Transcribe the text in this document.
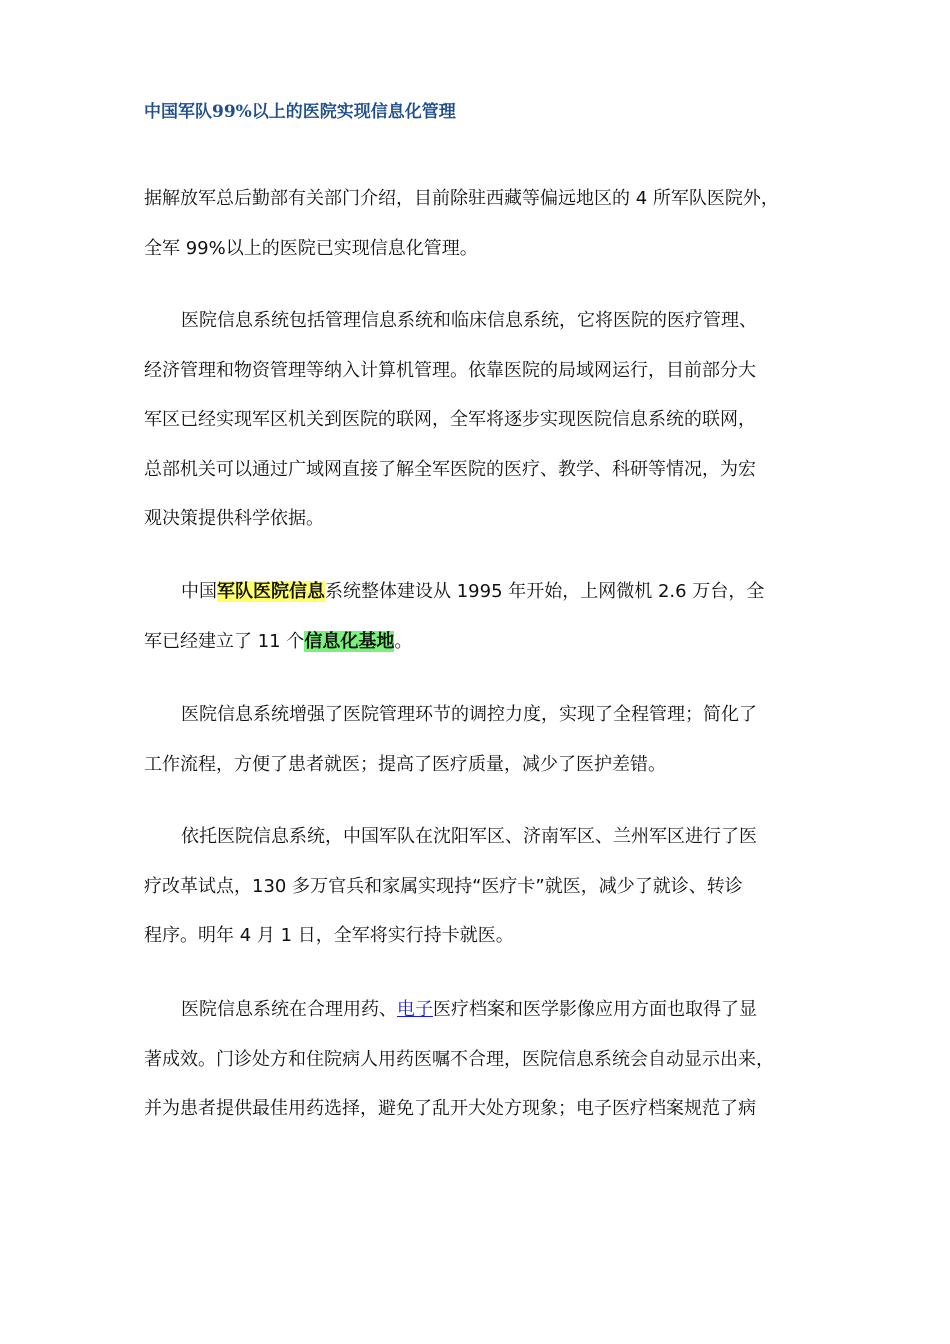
中国军队99%以上的医院实现信息化管理
据解放军总后勤部有关部门介绍，目前除驻西藏等偏远地区的 4 所军队医院外，
全军 99%以上的医院已实现信息化管理。
医院信息系统包括管理信息系统和临床信息系统，它将医院的医疗管理、
经济管理和物资管理等纳入计算机管理。依靠医院的局域网运行，目前部分大
军区已经实现军区机关到医院的联网，全军将逐步实现医院信息系统的联网，
总部机关可以通过广域网直接了解全军医院的医疗、教学、科研等情况，为宏
观决策提供科学依据。
中国军队医院信息系统整体建设从 1995 年开始，上网微机 2.6 万台，全
军已经建立了 11 个信息化基地。
医院信息系统增强了医院管理环节的调控力度，实现了全程管理；简化了
工作流程，方便了患者就医；提高了医疗质量，减少了医护差错。
依托医院信息系统，中国军队在沈阳军区、济南军区、兰州军区进行了医
疗改革试点，130 多万官兵和家属实现持“医疗卡”就医，减少了就诊、转诊
程序。明年 4 月 1 日，全军将实行持卡就医。
医院信息系统在合理用药、电子医疗档案和医学影像应用方面也取得了显
著成效。门诊处方和住院病人用药医嘱不合理，医院信息系统会自动显示出来，
并为患者提供最佳用药选择，避免了乱开大处方现象；电子医疗档案规范了病
